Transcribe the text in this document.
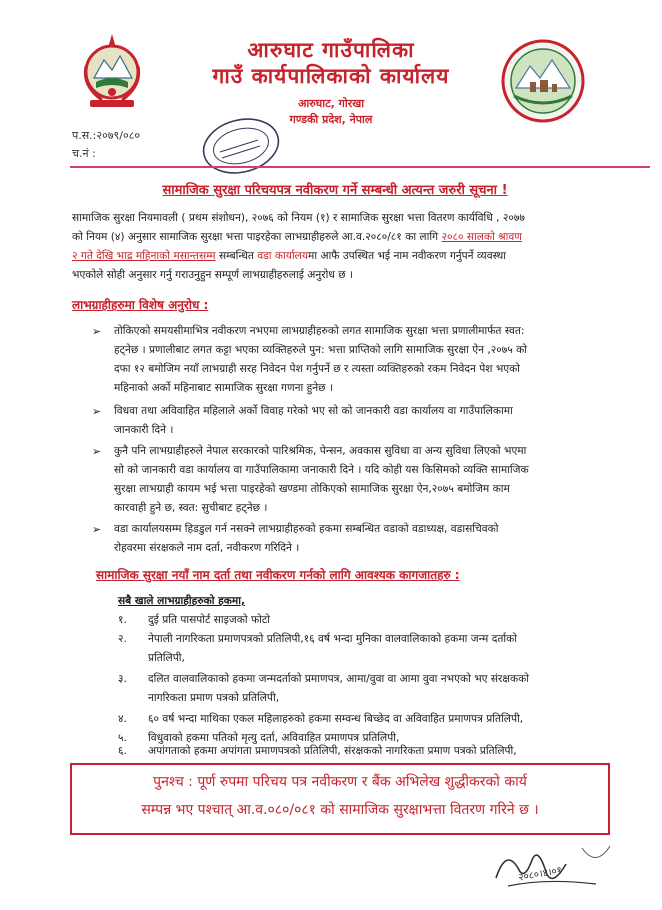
आरुघाट गाउँपालिका
गाउँ कार्यपालिकाको कार्यालय
आरुघाट, गोरखा
गण्डकी प्रदेश, नेपाल
प.स.:२०७९/०८०
च.नं :
सामाजिक सुरक्षा परिचयपत्र नवीकरण गर्ने सम्बन्धी अत्यन्त जरुरी सूचना !
सामाजिक सुरक्षा नियमावली ( प्रथम संशोधन), २०७६ को नियम (१) र सामाजिक सुरक्षा भत्ता वितरण कार्यविधि , २०७७
को नियम (४) अनुसार सामाजिक सुरक्षा भत्ता पाइरहेका लाभग्राहीहरुले आ.व.२०८०/८१ का लागि २०८० सालको श्रावण
२ गते देखि भाद्र महिनाको मसान्तसम्म सम्बन्धित वडा कार्यालयमा आफै उपस्थित भई नाम नवीकरण गर्नुपर्ने व्यवस्था
भएकोले सोही अनुसार गर्नु गराउनुहुन सम्पूर्ण लाभग्राहीहरुलाई अनुरोध छ ।
लाभग्राहीहरुमा विशेष अनुरोध :
➢ तोकिएको समयसीमाभित्र नवीकरण नभएमा लाभग्राहीहरुको लगत सामाजिक सुरक्षा भत्ता प्रणालीमार्फत स्वत:
हट्नेछ । प्रणालीबाट लगत कट्टा भएका व्यक्तिहरुले पुन: भत्ता प्राप्तिको लागि सामाजिक सुरक्षा ऐन ,२०७५ को
दफा १२ बमोजिम नयाँ लाभग्राही सरह निवेदन पेश गर्नुपर्ने छ र त्यस्ता व्यक्तिहरुको रकम निवेदन पेश भएको
महिनाको अर्को महिनाबाट सामाजिक सुरक्षा गणना हुनेछ ।
➢ विधवा तथा अविवाहित महिलाले अर्को विवाह गरेको भए सो को जानकारी वडा कार्यालय वा गाउँपालिकामा
जानकारी दिने ।
➢ कुनै पनि लाभग्राहीहरुले नेपाल सरकारको पारिश्रमिक, पेन्सन, अवकास सुविधा वा अन्य सुविधा लिएको भएमा
सो को जानकारी वडा कार्यालय वा गाउँपालिकामा जनाकारी दिने । यदि कोही यस किसिमको व्यक्ति सामाजिक
सुरक्षा लाभग्राही कायम भई भत्ता पाइरहेको खण्डमा तोकिएको सामाजिक सुरक्षा ऐन,२०७५ बमोजिम काम
कारवाही हुने छ, स्वत: सुचीबाट हट्नेछ ।
➢ वडा कार्यालयसम्म हिडडुल गर्न नसक्ने लाभग्राहीहरुको हकमा सम्बन्धित वडाको वडाध्यक्ष, वडासचिवको
रोहवरमा संरक्षकले नाम दर्ता, नवीकरण गरिदिने ।
सामाजिक सुरक्षा नयाँ नाम दर्ता तथा नवीकरण गर्नको लागि आवश्यक कागजातहरु :
सबै खाले लाभग्राहीहरुको हकमा,
१. दुई प्रति पासपोर्ट साइजको फोटो
२. नेपाली नागरिकता प्रमाणपत्रको प्रतिलिपी,१६ वर्ष भन्दा मुनिका वालवालिकाको हकमा जन्म दर्ताको
प्रतिलिपी,
३. दलित वालवालिकाको हकमा जन्मदर्ताको प्रमाणपत्र, आमा/वुवा वा आमा वुवा नभएको भए संरक्षकको
नागरिकता प्रमाण पत्रको प्रतिलिपी,
४. ६० वर्ष भन्दा माथिका एकल महिलाहरुको हकमा सम्वन्ध बिच्छेद वा अविवाहित प्रमाणपत्र प्रतिलिपी,
५. विधुवाको हकमा पतिको मृत्यु दर्ता, अविवाहित प्रमाणपत्र प्रतिलिपी,
६. अपांगताको हकमा अपांगता प्रमाणपत्रको प्रतिलिपी, संरक्षकको नागरिकता प्रमाण पत्रको प्रतिलिपी,
पुनश्च : पूर्ण रुपमा परिचय पत्र नवीकरण र बैंक अभिलेख शुद्धीकरको कार्य
सम्पन्न भए पश्चात् आ.व.०८०/०८१ को सामाजिक सुरक्षाभत्ता वितरण गरिने छ ।
२०८०।४।०१
